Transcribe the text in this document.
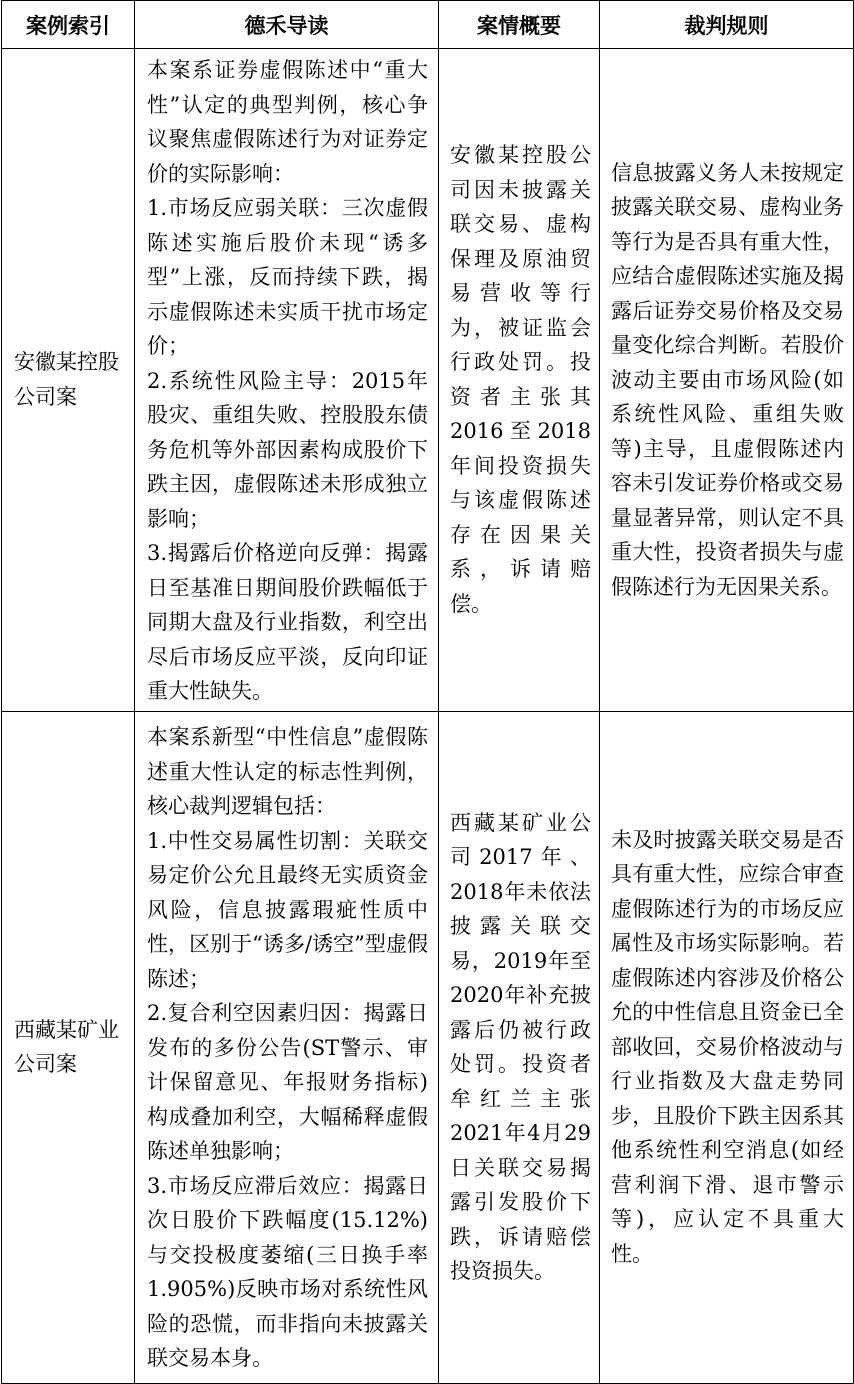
案例索引	德禾导读	案情概要	裁判规则
安徽某控股公司案	本案系证券虚假陈述中“重大性”认定的典型判例，核心争议聚焦虚假陈述行为对证券定价的实际影响：
1.市场反应弱关联：三次虚假陈述实施后股价未现“诱多型”上涨，反而持续下跌，揭示虚假陈述未实质干扰市场定价；
2.系统性风险主导：2015年股灾、重组失败、控股股东债务危机等外部因素构成股价下跌主因，虚假陈述未形成独立影响；
3.揭露后价格逆向反弹：揭露日至基准日期间股价跌幅低于同期大盘及行业指数，利空出尽后市场反应平淡，反向印证重大性缺失。	安徽某控股公司因未披露关联交易、虚构保理及原油贸易营收等行为，被证监会行政处罚。投资者主张其2016至2018年间投资损失与该虚假陈述存在因果关系，诉请赔偿。	信息披露义务人未按规定披露关联交易、虚构业务等行为是否具有重大性，应结合虚假陈述实施及揭露后证券交易价格及交易量变化综合判断。若股价波动主要由市场风险(如系统性风险、重组失败等)主导，且虚假陈述内容未引发证券价格或交易量显著异常，则认定不具重大性，投资者损失与虚假陈述行为无因果关系。
西藏某矿业公司案	本案系新型“中性信息”虚假陈述重大性认定的标志性判例，核心裁判逻辑包括：
1.中性交易属性切割：关联交易定价公允且最终无实质资金风险，信息披露瑕疵性质中性，区别于“诱多/诱空”型虚假陈述；
2.复合利空因素归因：揭露日发布的多份公告(ST警示、审计保留意见、年报财务指标)构成叠加利空，大幅稀释虚假陈述单独影响；
3.市场反应滞后效应：揭露日次日股价下跌幅度(15.12%)与交投极度萎缩(三日换手率1.905%)反映市场对系统性风险的恐慌，而非指向未披露关联交易本身。	西藏某矿业公司2017年、2018年未依法披露关联交易，2019年至2020年补充披露后仍被行政处罚。投资者牟红兰主张2021年4月29日关联交易揭露引发股价下跌，诉请赔偿投资损失。	未及时披露关联交易是否具有重大性，应综合审查虚假陈述行为的市场反应属性及市场实际影响。若虚假陈述内容涉及价格公允的中性信息且资金已全部收回，交易价格波动与行业指数及大盘走势同步，且股价下跌主因系其他系统性利空消息(如经营利润下滑、退市警示等)，应认定不具重大性。
